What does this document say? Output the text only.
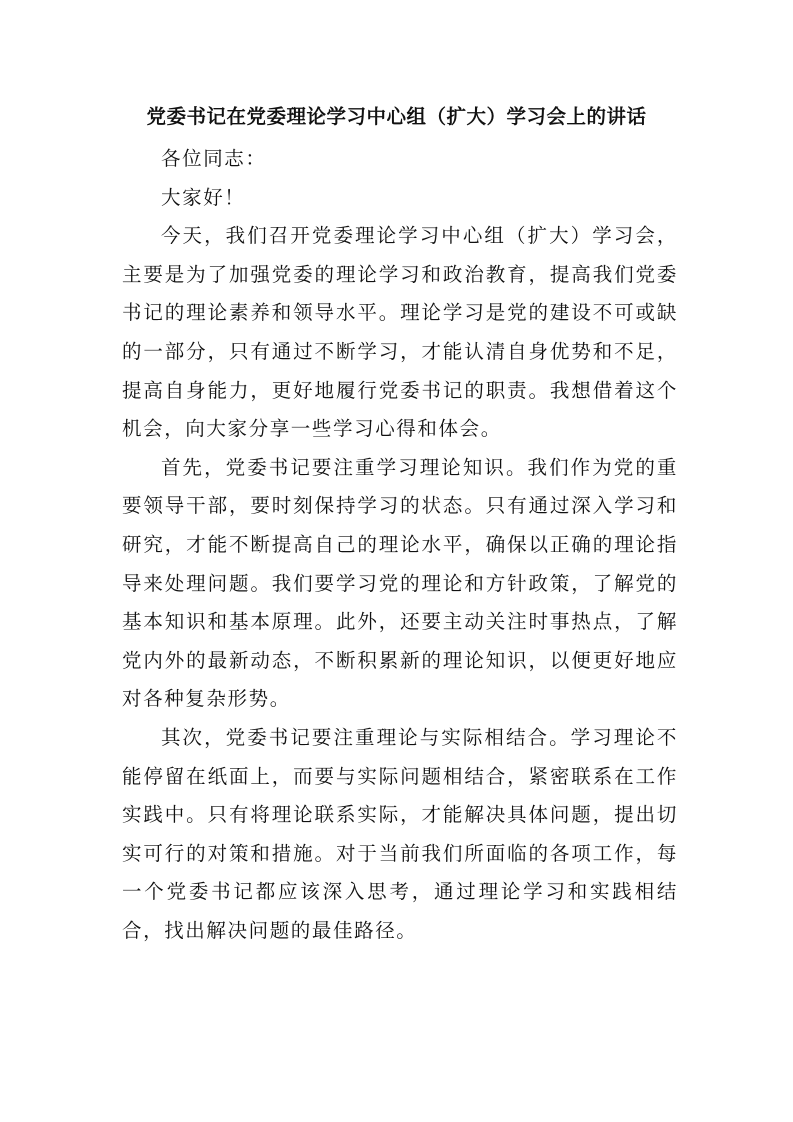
党委书记在党委理论学习中心组（扩大）学习会上的讲话

各位同志：

大家好！

今天，我们召开党委理论学习中心组（扩大）学习会，主要是为了加强党委的理论学习和政治教育，提高我们党委书记的理论素养和领导水平。理论学习是党的建设不可或缺的一部分，只有通过不断学习，才能认清自身优势和不足，提高自身能力，更好地履行党委书记的职责。我想借着这个机会，向大家分享一些学习心得和体会。

首先，党委书记要注重学习理论知识。我们作为党的重要领导干部，要时刻保持学习的状态。只有通过深入学习和研究，才能不断提高自己的理论水平，确保以正确的理论指导来处理问题。我们要学习党的理论和方针政策，了解党的基本知识和基本原理。此外，还要主动关注时事热点，了解党内外的最新动态，不断积累新的理论知识，以便更好地应对各种复杂形势。

其次，党委书记要注重理论与实际相结合。学习理论不能停留在纸面上，而要与实际问题相结合，紧密联系在工作实践中。只有将理论联系实际，才能解决具体问题，提出切实可行的对策和措施。对于当前我们所面临的各项工作，每一个党委书记都应该深入思考，通过理论学习和实践相结合，找出解决问题的最佳路径。
